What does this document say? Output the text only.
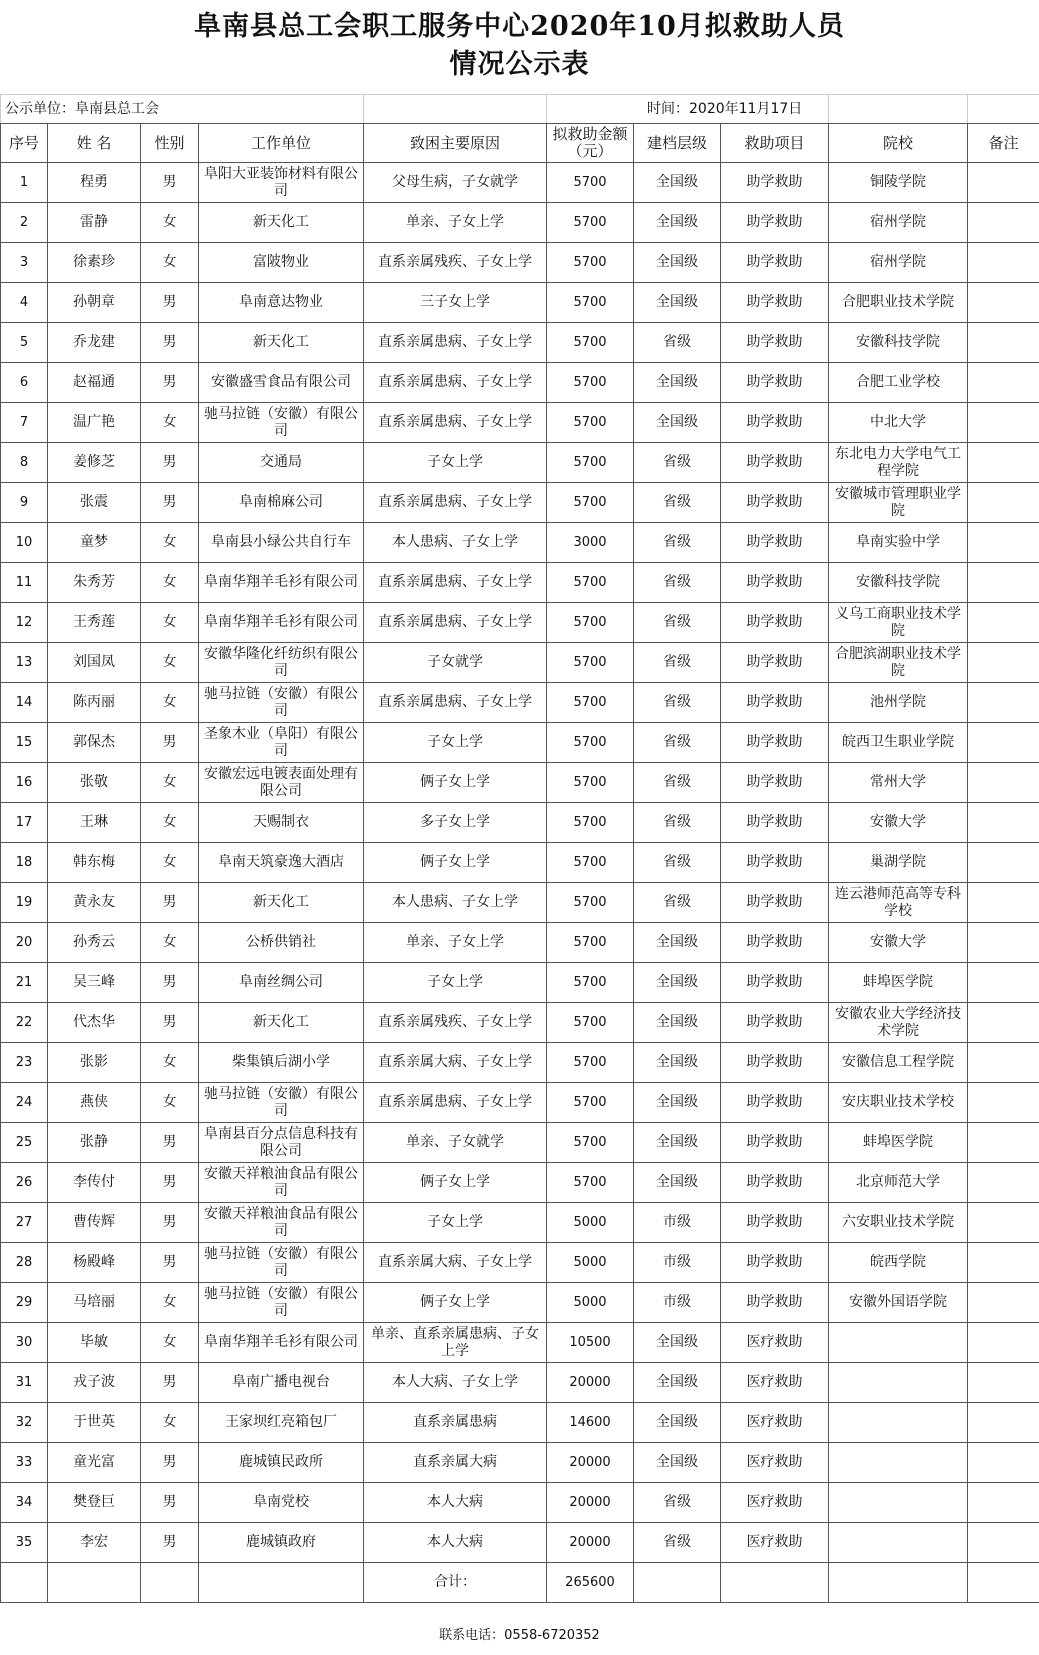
阜南县总工会职工服务中心2020年10月拟救助人员
情况公示表
公示单位：阜南县总工会					时间：2020年11月17日				
序号	姓 名	性别	工作单位	致困主要原因	拟救助金额（元）	建档层级	救助项目	院校	备注
1	程勇	男	阜阳大亚装饰材料有限公司	父母生病，子女就学	5700	全国级	助学救助	铜陵学院	
2	雷静	女	新天化工	单亲、子女上学	5700	全国级	助学救助	宿州学院	
3	徐素珍	女	富陂物业	直系亲属残疾、子女上学	5700	全国级	助学救助	宿州学院	
4	孙朝章	男	阜南意达物业	三子女上学	5700	全国级	助学救助	合肥职业技术学院	
5	乔龙建	男	新天化工	直系亲属患病、子女上学	5700	省级	助学救助	安徽科技学院	
6	赵福通	男	安徽盛雪食品有限公司	直系亲属患病、子女上学	5700	全国级	助学救助	合肥工业学校	
7	温广艳	女	驰马拉链（安徽）有限公司	直系亲属患病、子女上学	5700	全国级	助学救助	中北大学	
8	姜修芝	男	交通局	子女上学	5700	省级	助学救助	东北电力大学电气工程学院	
9	张震	男	阜南棉麻公司	直系亲属患病、子女上学	5700	省级	助学救助	安徽城市管理职业学院	
10	童梦	女	阜南县小绿公共自行车	本人患病、子女上学	3000	省级	助学救助	阜南实验中学	
11	朱秀芳	女	阜南华翔羊毛衫有限公司	直系亲属患病、子女上学	5700	省级	助学救助	安徽科技学院	
12	王秀莲	女	阜南华翔羊毛衫有限公司	直系亲属患病、子女上学	5700	省级	助学救助	义乌工商职业技术学院	
13	刘国凤	女	安徽华隆化纤纺织有限公司	子女就学	5700	省级	助学救助	合肥滨湖职业技术学院	
14	陈丙丽	女	驰马拉链（安徽）有限公司	直系亲属患病、子女上学	5700	省级	助学救助	池州学院	
15	郭保杰	男	圣象木业（阜阳）有限公司	子女上学	5700	省级	助学救助	皖西卫生职业学院	
16	张敬	女	安徽宏远电镀表面处理有限公司	俩子女上学	5700	省级	助学救助	常州大学	
17	王琳	女	天赐制衣	多子女上学	5700	省级	助学救助	安徽大学	
18	韩东梅	女	阜南天筑豪逸大酒店	俩子女上学	5700	省级	助学救助	巢湖学院	
19	黄永友	男	新天化工	本人患病、子女上学	5700	省级	助学救助	连云港师范高等专科学校	
20	孙秀云	女	公桥供销社	单亲、子女上学	5700	全国级	助学救助	安徽大学	
21	吴三峰	男	阜南丝绸公司	子女上学	5700	全国级	助学救助	蚌埠医学院	
22	代杰华	男	新天化工	直系亲属残疾、子女上学	5700	全国级	助学救助	安徽农业大学经济技术学院	
23	张影	女	柴集镇后湖小学	直系亲属大病、子女上学	5700	全国级	助学救助	安徽信息工程学院	
24	燕侠	女	驰马拉链（安徽）有限公司	直系亲属患病、子女上学	5700	全国级	助学救助	安庆职业技术学校	
25	张静	男	阜南县百分点信息科技有限公司	单亲、子女就学	5700	全国级	助学救助	蚌埠医学院	
26	李传付	男	安徽天祥粮油食品有限公司	俩子女上学	5700	全国级	助学救助	北京师范大学	
27	曹传辉	男	安徽天祥粮油食品有限公司	子女上学	5000	市级	助学救助	六安职业技术学院	
28	杨殿峰	男	驰马拉链（安徽）有限公司	直系亲属大病、子女上学	5000	市级	助学救助	皖西学院	
29	马培丽	女	驰马拉链（安徽）有限公司	俩子女上学	5000	市级	助学救助	安徽外国语学院	
30	毕敏	女	阜南华翔羊毛衫有限公司	单亲、直系亲属患病、子女上学	10500	全国级	医疗救助		
31	戎子波	男	阜南广播电视台	本人大病、子女上学	20000	全国级	医疗救助		
32	于世英	女	王家坝红亮箱包厂	直系亲属患病	14600	全国级	医疗救助		
33	童光富	男	鹿城镇民政所	直系亲属大病	20000	全国级	医疗救助		
34	樊登巨	男	阜南党校	本人大病	20000	省级	医疗救助		
35	李宏	男	鹿城镇政府	本人大病	20000	省级	医疗救助		
				合计：	265600				
联系电话：0558-6720352
